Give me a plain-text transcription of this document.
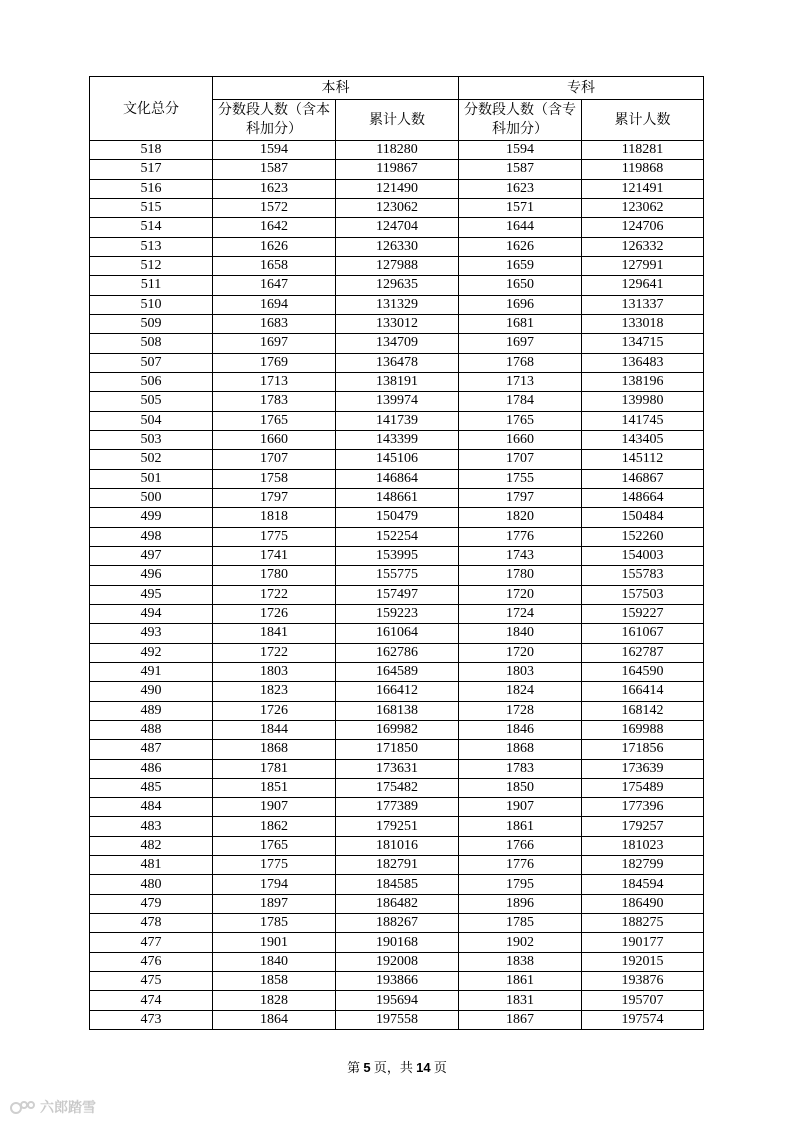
文化总分	本科		专科	
	分数段人数（含本科加分）	累计人数	分数段人数（含专科加分）	累计人数
518	1594	118280	1594	118281
517	1587	119867	1587	119868
516	1623	121490	1623	121491
515	1572	123062	1571	123062
514	1642	124704	1644	124706
513	1626	126330	1626	126332
512	1658	127988	1659	127991
511	1647	129635	1650	129641
510	1694	131329	1696	131337
509	1683	133012	1681	133018
508	1697	134709	1697	134715
507	1769	136478	1768	136483
506	1713	138191	1713	138196
505	1783	139974	1784	139980
504	1765	141739	1765	141745
503	1660	143399	1660	143405
502	1707	145106	1707	145112
501	1758	146864	1755	146867
500	1797	148661	1797	148664
499	1818	150479	1820	150484
498	1775	152254	1776	152260
497	1741	153995	1743	154003
496	1780	155775	1780	155783
495	1722	157497	1720	157503
494	1726	159223	1724	159227
493	1841	161064	1840	161067
492	1722	162786	1720	162787
491	1803	164589	1803	164590
490	1823	166412	1824	166414
489	1726	168138	1728	168142
488	1844	169982	1846	169988
487	1868	171850	1868	171856
486	1781	173631	1783	173639
485	1851	175482	1850	175489
484	1907	177389	1907	177396
483	1862	179251	1861	179257
482	1765	181016	1766	181023
481	1775	182791	1776	182799
480	1794	184585	1795	184594
479	1897	186482	1896	186490
478	1785	188267	1785	188275
477	1901	190168	1902	190177
476	1840	192008	1838	192015
475	1858	193866	1861	193876
474	1828	195694	1831	195707
473	1864	197558	1867	197574
第 5 页，共 14 页
六郎踏雪
